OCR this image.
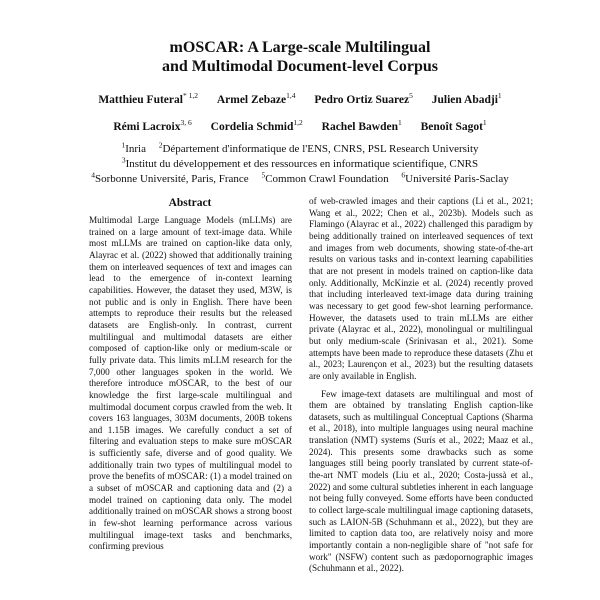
mOSCAR: A Large-scale Multilingual
and Multimodal Document-level Corpus
Matthieu Futeral$^{* 1,2}$ Armel Zebaze$^{1,4}$ Pedro Ortiz Suarez$^5$ Julien Abadji$^1$
Rémi Lacroix$^{3, 6}$ Cordelia Schmid$^{1,2}$ Rachel Bawden$^1$ Benoît Sagot$^1$
$^1$Inria $^2$Département d'informatique de l'ENS, CNRS, PSL Research University
$^3$Institut du développement et des ressources en informatique scientifique, CNRS
$^4$Sorbonne Université, Paris, France $^5$Common Crawl Foundation $^6$Université Paris-Saclay
Abstract

Multimodal Large Language Models (mLLMs) are trained on a large amount of text-image data. While most mLLMs are trained on caption-like data only, Alayrac et al. (2022) showed that additionally training them on interleaved sequences of text and images can lead to the emergence of in-context learning capabilities. However, the dataset they used, M3W, is not public and is only in English. There have been attempts to reproduce their results but the released datasets are English-only. In contrast, current multilingual and multimodal datasets are either composed of caption-like only or medium-scale or fully private data. This limits mLLM research for the 7,000 other languages spoken in the world. We therefore introduce mOSCAR, to the best of our knowledge the first large-scale multilingual and multimodal document corpus crawled from the web. It covers 163 languages, 303M documents, 200B tokens and 1.15B images. We carefully conduct a set of filtering and evaluation steps to make sure mOSCAR is sufficiently safe, diverse and of good quality. We additionally train two types of multilingual model to prove the benefits of mOSCAR: (1) a model trained on a subset of mOSCAR and captioning data and (2) a model trained on captioning data only. The model additionally trained on mOSCAR shows a strong boost in few-shot learning performance across various multilingual image-text tasks and benchmarks, confirming previous

of web-crawled images and their captions (Li et al., 2021; Wang et al., 2022; Chen et al., 2023b). Models such as Flamingo (Alayrac et al., 2022) challenged this paradigm by being additionally trained on interleaved sequences of text and images from web documents, showing state-of-the-art results on various tasks and in-context learning capabilities that are not present in models trained on caption-like data only. Additionally, McKinzie et al. (2024) recently proved that including interleaved text-image data during training was necessary to get good few-shot learning performance. However, the datasets used to train mLLMs are either private (Alayrac et al., 2022), monolingual or multilingual but only medium-scale (Srinivasan et al., 2021). Some attempts have been made to reproduce these datasets (Zhu et al., 2023; Laurençon et al., 2023) but the resulting datasets are only available in English.

Few image-text datasets are multilingual and most of them are obtained by translating English caption-like datasets, such as multilingual Conceptual Captions (Sharma et al., 2018), into multiple languages using neural machine translation (NMT) systems (Surís et al., 2022; Maaz et al., 2024). This presents some drawbacks such as some languages still being poorly translated by current state-of-the-art NMT models (Liu et al., 2020; Costa-jussà et al., 2022) and some cultural subtleties inherent in each language not being fully conveyed. Some efforts have been conducted to collect large-scale multilingual image captioning datasets, such as LAION-5B (Schuhmann et al., 2022), but they are limited to caption data too, are relatively noisy and more importantly contain a non-negligible share of "not safe for work" (NSFW) content such as pædopornographic images (Schuhmann et al., 2022).
